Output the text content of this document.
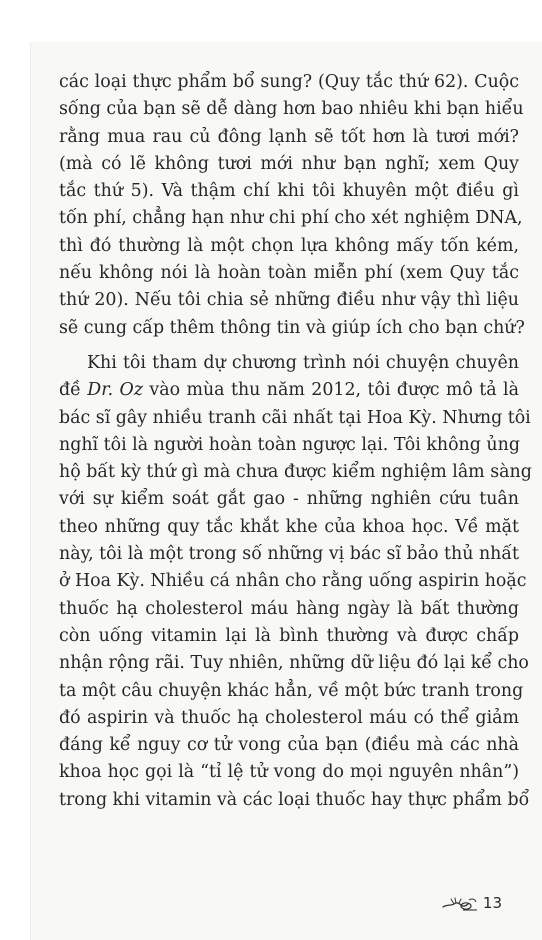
các loại thực phẩm bổ sung? (Quy tắc thứ 62). Cuộc
sống của bạn sẽ dễ dàng hơn bao nhiêu khi bạn hiểu
rằng mua rau củ đông lạnh sẽ tốt hơn là tươi mới?
(mà có lẽ không tươi mới như bạn nghĩ; xem Quy
tắc thứ 5). Và thậm chí khi tôi khuyên một điều gì
tốn phí, chẳng hạn như chi phí cho xét nghiệm DNA,
thì đó thường là một chọn lựa không mấy tốn kém,
nếu không nói là hoàn toàn miễn phí (xem Quy tắc
thứ 20). Nếu tôi chia sẻ những điều như vậy thì liệu
sẽ cung cấp thêm thông tin và giúp ích cho bạn chứ?
Khi tôi tham dự chương trình nói chuyện chuyên
đề Dr. Oz vào mùa thu năm 2012, tôi được mô tả là
bác sĩ gây nhiều tranh cãi nhất tại Hoa Kỳ. Nhưng tôi
nghĩ tôi là người hoàn toàn ngược lại. Tôi không ủng
hộ bất kỳ thứ gì mà chưa được kiểm nghiệm lâm sàng
với sự kiểm soát gắt gao - những nghiên cứu tuân
theo những quy tắc khắt khe của khoa học. Về mặt
này, tôi là một trong số những vị bác sĩ bảo thủ nhất
ở Hoa Kỳ. Nhiều cá nhân cho rằng uống aspirin hoặc
thuốc hạ cholesterol máu hàng ngày là bất thường
còn uống vitamin lại là bình thường và được chấp
nhận rộng rãi. Tuy nhiên, những dữ liệu đó lại kể cho
ta một câu chuyện khác hẳn, về một bức tranh trong
đó aspirin và thuốc hạ cholesterol máu có thể giảm
đáng kể nguy cơ tử vong của bạn (điều mà các nhà
khoa học gọi là “tỉ lệ tử vong do mọi nguyên nhân”)
trong khi vitamin và các loại thuốc hay thực phẩm bổ
13
